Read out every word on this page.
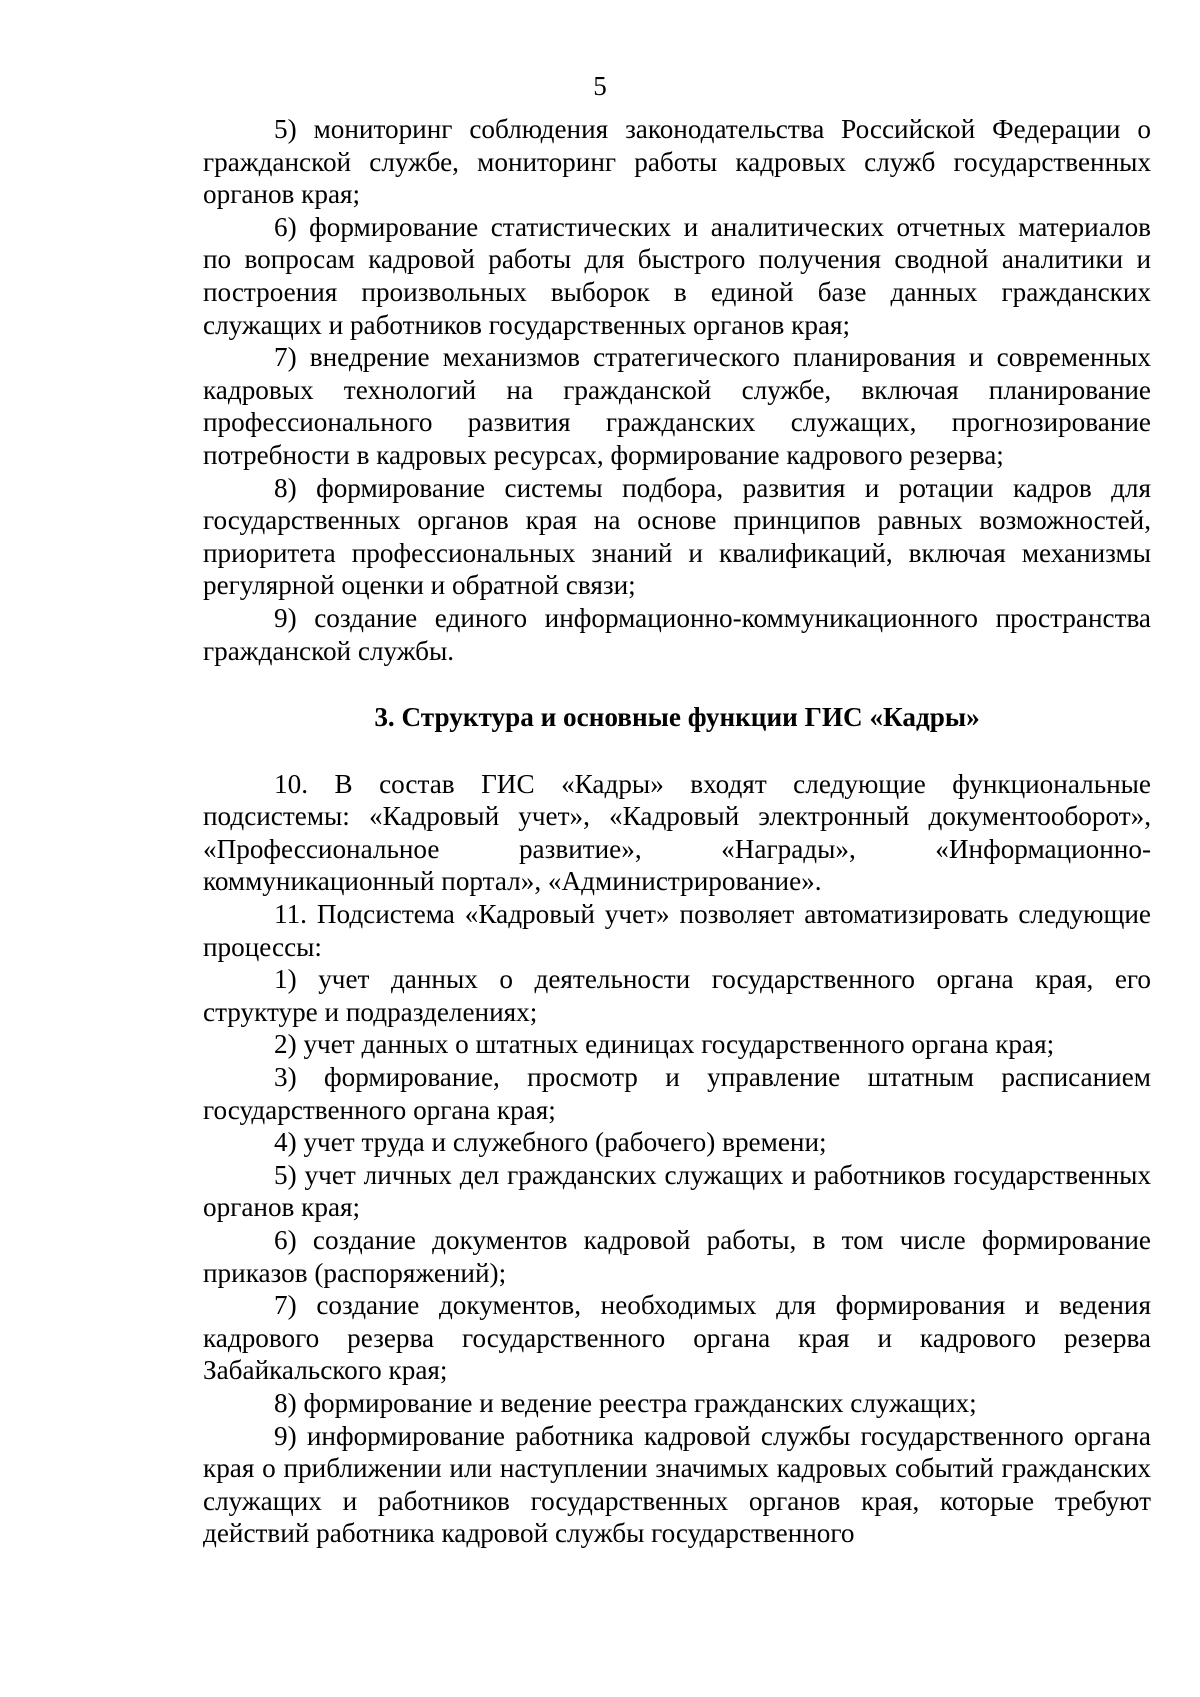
5

5) мониторинг соблюдения законодательства Российской Федерации о гражданской службе, мониторинг работы кадровых служб государственных органов края;

6) формирование статистических и аналитических отчетных материалов по вопросам кадровой работы для быстрого получения сводной аналитики и построения произвольных выборок в единой базе данных гражданских служащих и работников государственных органов края;

7) внедрение механизмов стратегического планирования и современных кадровых технологий на гражданской службе, включая планирование профессионального развития гражданских служащих, прогнозирование потребности в кадровых ресурсах, формирование кадрового резерва;

8) формирование системы подбора, развития и ротации кадров для государственных органов края на основе принципов равных возможностей, приоритета профессиональных знаний и квалификаций, включая механизмы регулярной оценки и обратной связи;

9) создание единого информационно-коммуникационного пространства гражданской службы.

3. Структура и основные функции ГИС «Кадры»

10. В состав ГИС «Кадры» входят следующие функциональные подсистемы: «Кадровый учет», «Кадровый электронный документооборот», «Профессиональное развитие», «Награды», «Информационно-коммуникационный портал», «Администрирование».

11. Подсистема «Кадровый учет» позволяет автоматизировать следующие процессы:

1) учет данных о деятельности государственного органа края, его структуре и подразделениях;

2) учет данных о штатных единицах государственного органа края;

3) формирование, просмотр и управление штатным расписанием государственного органа края;

4) учет труда и служебного (рабочего) времени;

5) учет личных дел гражданских служащих и работников государственных органов края;

6) создание документов кадровой работы, в том числе формирование приказов (распоряжений);

7) создание документов, необходимых для формирования и ведения кадрового резерва государственного органа края и кадрового резерва Забайкальского края;

8) формирование и ведение реестра гражданских служащих;

9) информирование работника кадровой службы государственного органа края о приближении или наступлении значимых кадровых событий гражданских служащих и работников государственных органов края, которые требуют действий работника кадровой службы государственного
